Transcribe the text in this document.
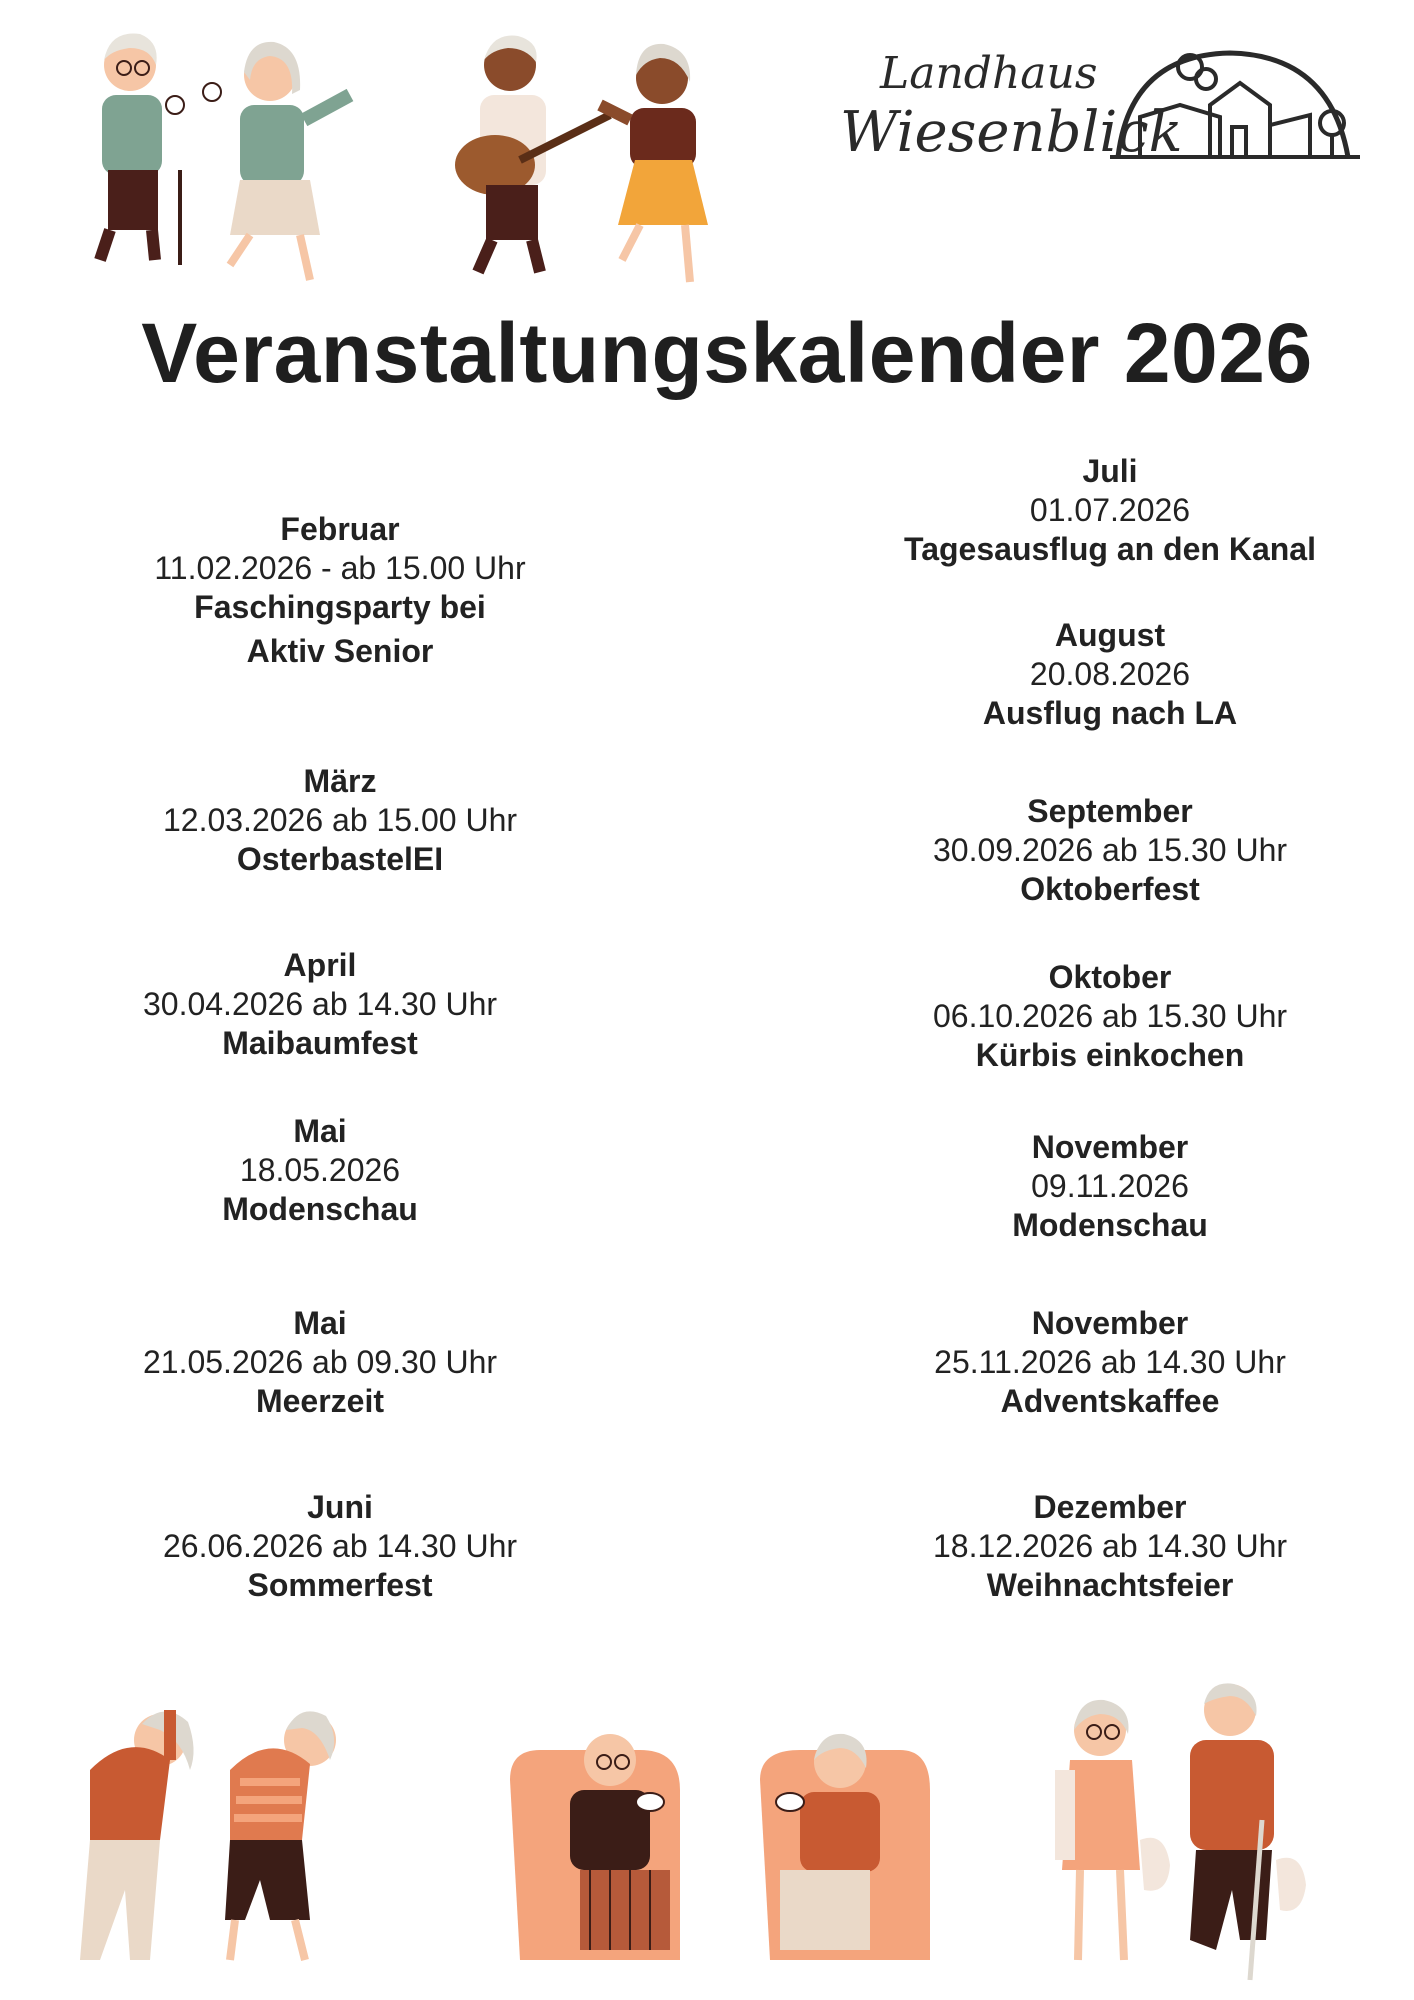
Landhaus
Wiesenblick
Veranstaltungskalender 2026
Februar
11.02.2026 - ab 15.00 Uhr
Faschingsparty bei
Aktiv Senior
März
12.03.2026 ab 15.00 Uhr
OsterbastelEI
April
30.04.2026 ab 14.30 Uhr
Maibaumfest
Mai
18.05.2026
Modenschau
Mai
21.05.2026 ab 09.30 Uhr
Meerzeit
Juni
26.06.2026 ab 14.30 Uhr
Sommerfest
Juli
01.07.2026
Tagesausflug an den Kanal
August
20.08.2026
Ausflug nach LA
September
30.09.2026 ab 15.30 Uhr
Oktoberfest
Oktober
06.10.2026 ab 15.30 Uhr
Kürbis einkochen
November
09.11.2026
Modenschau
November
25.11.2026 ab 14.30 Uhr
Adventskaffee
Dezember
18.12.2026 ab 14.30 Uhr
Weihnachtsfeier
